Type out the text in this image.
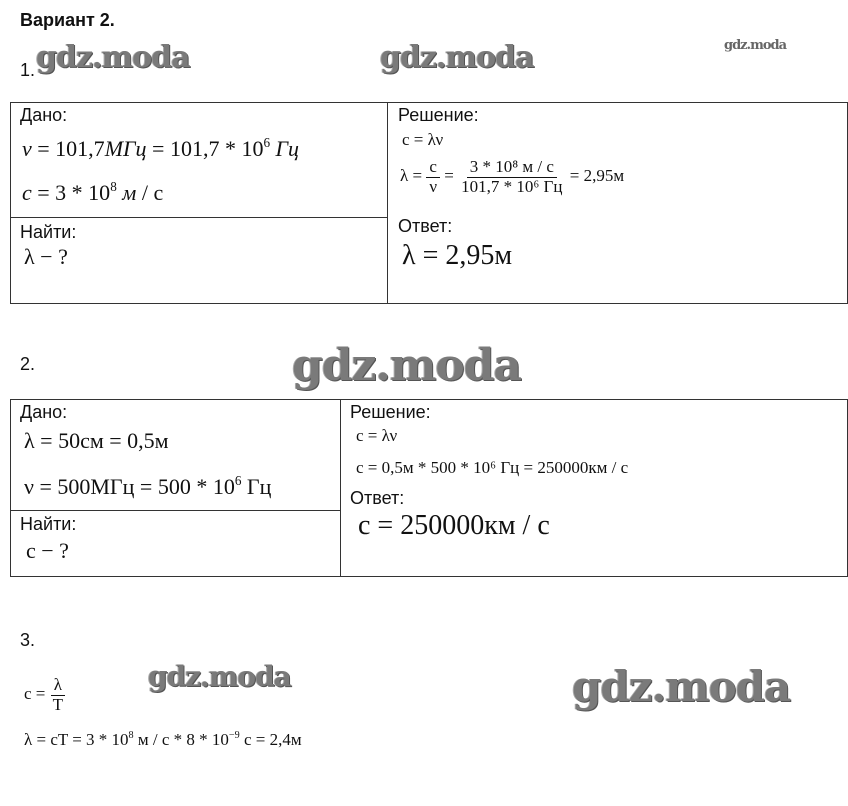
Вариант 2.
gdz.moda	gdz.moda	gdz.moda
gdz.moda
gdz.moda	gdz.moda
1.
Дано:
$\nu = 101,7МГц = 101,7 * 10^6$ Гц
$c = 3 * 10^8$ м / с
Найти:
λ − ?
Решение:
c = λν
$\lambda = \frac{c}{\nu} = \frac{\text{3 * 10⁸ м / с}}{\text{101,7 * 10⁶ Гц}} = 2,95м$
Ответ:
λ = 2,95м
2.
Дано:
λ = 50см = 0,5м
$\nu = 500МГц = 500 * 10^6$ Гц
Найти:
c − ?
Решение:
c = λν
c = 0,5м * 500 * 10⁶ Гц = 250000км / с
Ответ:
c = 250000км / с
3.
$c = \frac{\lambda}{T}$
λ = cT = $3 * 10^8$ м / с * $8 * 10^{-9}$ с = 2,4м
